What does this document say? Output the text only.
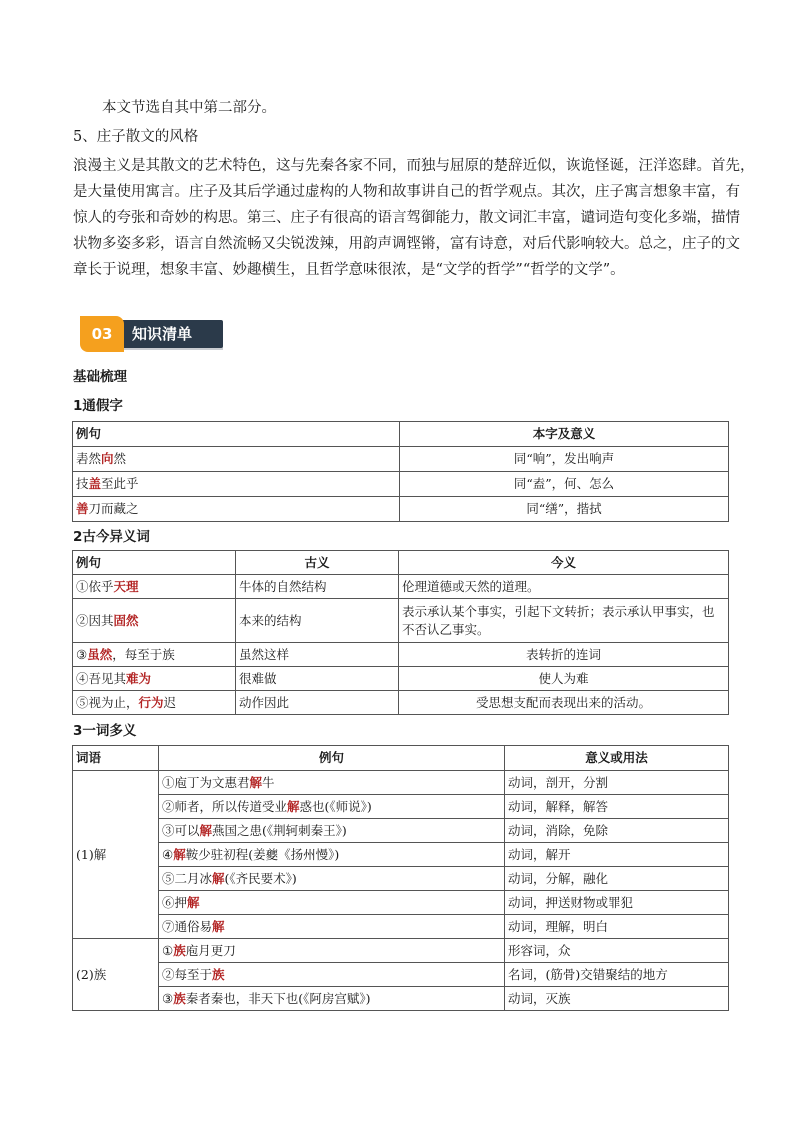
本文节选自其中第二部分。
5、庄子散文的风格
浪漫主义是其散文的艺术特色，这与先秦各家不同，而独与屈原的楚辞近似，诙诡怪诞，汪洋恣肆。首先，
是大量使用寓言。庄子及其后学通过虚构的人物和故事讲自己的哲学观点。其次，庄子寓言想象丰富，有
惊人的夸张和奇妙的构思。第三、庄子有很高的语言驾御能力，散文词汇丰富，谴词造句变化多端，描情
状物多姿多彩，语言自然流畅又尖锐泼辣，用韵声调铿锵，富有诗意，对后代影响较大。总之，庄子的文
章长于说理，想象丰富、妙趣横生，且哲学意味很浓，是“文学的哲学”“哲学的文学”。
03	知识清单
基础梳理
1通假字
例句	本字及意义
砉然向然	同“响”，发出响声
技盖至此乎	同“盍”，何、怎么
善刀而藏之	同“缮”，揩拭
2古今异义词
例句	古义	今义
①依乎天理	牛体的自然结构	伦理道德或天然的道理。
②因其固然	本来的结构	表示承认某个事实，引起下文转折；表示承认甲事实，也不否认乙事实。
③虽然，每至于族	虽然这样	表转折的连词
④吾见其难为	很难做	使人为难
⑤视为止，行为迟	动作因此	受思想支配而表现出来的活动。
3一词多义
词语	例句	意义或用法
(1)解	①庖丁为文惠君解牛	动词，剖开，分割
	②师者，所以传道受业解惑也(《师说》)	动词，解释，解答
	③可以解燕国之患(《荆轲刺秦王》)	动词，消除，免除
	④解鞍少驻初程(姜夔《扬州慢》)	动词，解开
	⑤二月冰解(《齐民要术》)	动词，分解，融化
	⑥押解	动词，押送财物或罪犯
	⑦通俗易解	动词，理解，明白
(2)族	①族庖月更刀	形容词，众
	②每至于族	名词，(筋骨)交错聚结的地方
	③族秦者秦也，非天下也(《阿房宫赋》)	动词，灭族
